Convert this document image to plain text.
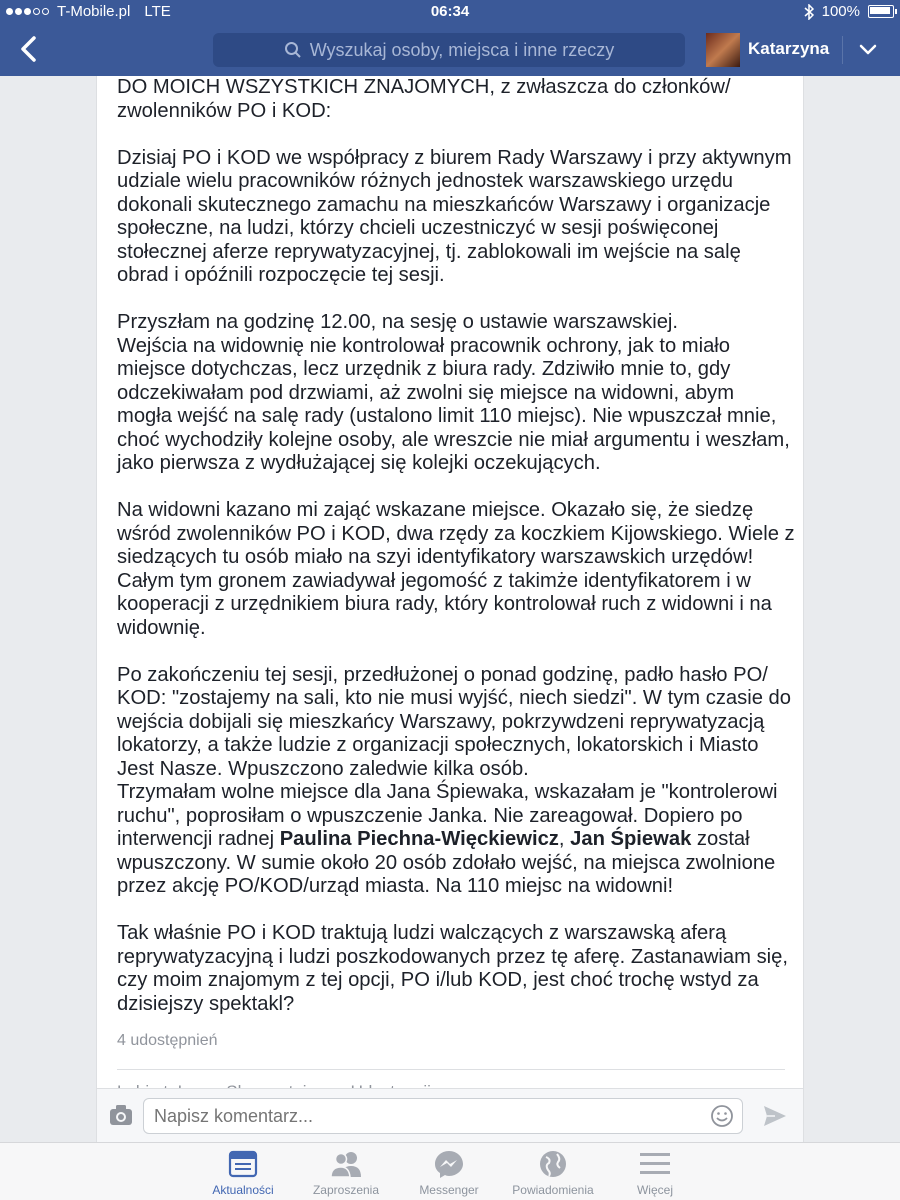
T-Mobile.pl LTE	06:34	100%
Wyszukaj osoby, miejsca i inne rzeczy	Katarzyna

DO MOICH WSZYSTKICH ZNAJOMYCH, z zwłaszcza do członków/
zwolenników PO i KOD:

Dzisiaj PO i KOD we współpracy z biurem Rady Warszawy i przy aktywnym
udziale wielu pracowników różnych jednostek warszawskiego urzędu
dokonali skutecznego zamachu na mieszkańców Warszawy i organizacje
społeczne, na ludzi, którzy chcieli uczestniczyć w sesji poświęconej
stołecznej aferze reprywatyzacyjnej, tj. zablokowali im wejście na salę
obrad i opóźnili rozpoczęcie tej sesji.

Przyszłam na godzinę 12.00, na sesję o ustawie warszawskiej.
Wejścia na widownię nie kontrolował pracownik ochrony, jak to miało
miejsce dotychczas, lecz urzędnik z biura rady. Zdziwiło mnie to, gdy
odczekiwałam pod drzwiami, aż zwolni się miejsce na widowni, abym
mogła wejść na salę rady (ustalono limit 110 miejsc). Nie wpuszczał mnie,
choć wychodziły kolejne osoby, ale wreszcie nie miał argumentu i weszłam,
jako pierwsza z wydłużającej się kolejki oczekujących.

Na widowni kazano mi zająć wskazane miejsce. Okazało się, że siedzę
wśród zwolenników PO i KOD, dwa rzędy za koczkiem Kijowskiego. Wiele z
siedzących tu osób miało na szyi identyfikatory warszawskich urzędów!
Całym tym gronem zawiadywał jegomość z takimże identyfikatorem i w
kooperacji z urzędnikiem biura rady, który kontrolował ruch z widowni i na
widownię.

Po zakończeniu tej sesji, przedłużonej o ponad godzinę, padło hasło PO/
KOD: "zostajemy na sali, kto nie musi wyjść, niech siedzi". W tym czasie do
wejścia dobijali się mieszkańcy Warszawy, pokrzywdzeni reprywatyzacją
lokatorzy, a także ludzie z organizacji społecznych, lokatorskich i Miasto
Jest Nasze. Wpuszczono zaledwie kilka osób.
Trzymałam wolne miejsce dla Jana Śpiewaka, wskazałam je "kontrolerowi
ruchu", poprosiłam o wpuszczenie Janka. Nie zareagował. Dopiero po
interwencji radnej Paulina Piechna-Więckiewicz, Jan Śpiewak został
wpuszczony. W sumie około 20 osób zdołało wejść, na miejsca zwolnione
przez akcję PO/KOD/urząd miasta. Na 110 miejsc na widowni!

Tak właśnie PO i KOD traktują ludzi walczących z warszawską aferą
reprywatyzacyjną i ludzi poszkodowanych przez tę aferę. Zastanawiam się,
czy moim znajomym z tej opcji, PO i/lub KOD, jest choć trochę wstyd za
dzisiejszy spektakl?

4 udostępnień
Napisz komentarz...
Aktualności	Zaproszenia	Messenger	Powiadomienia	Więcej
